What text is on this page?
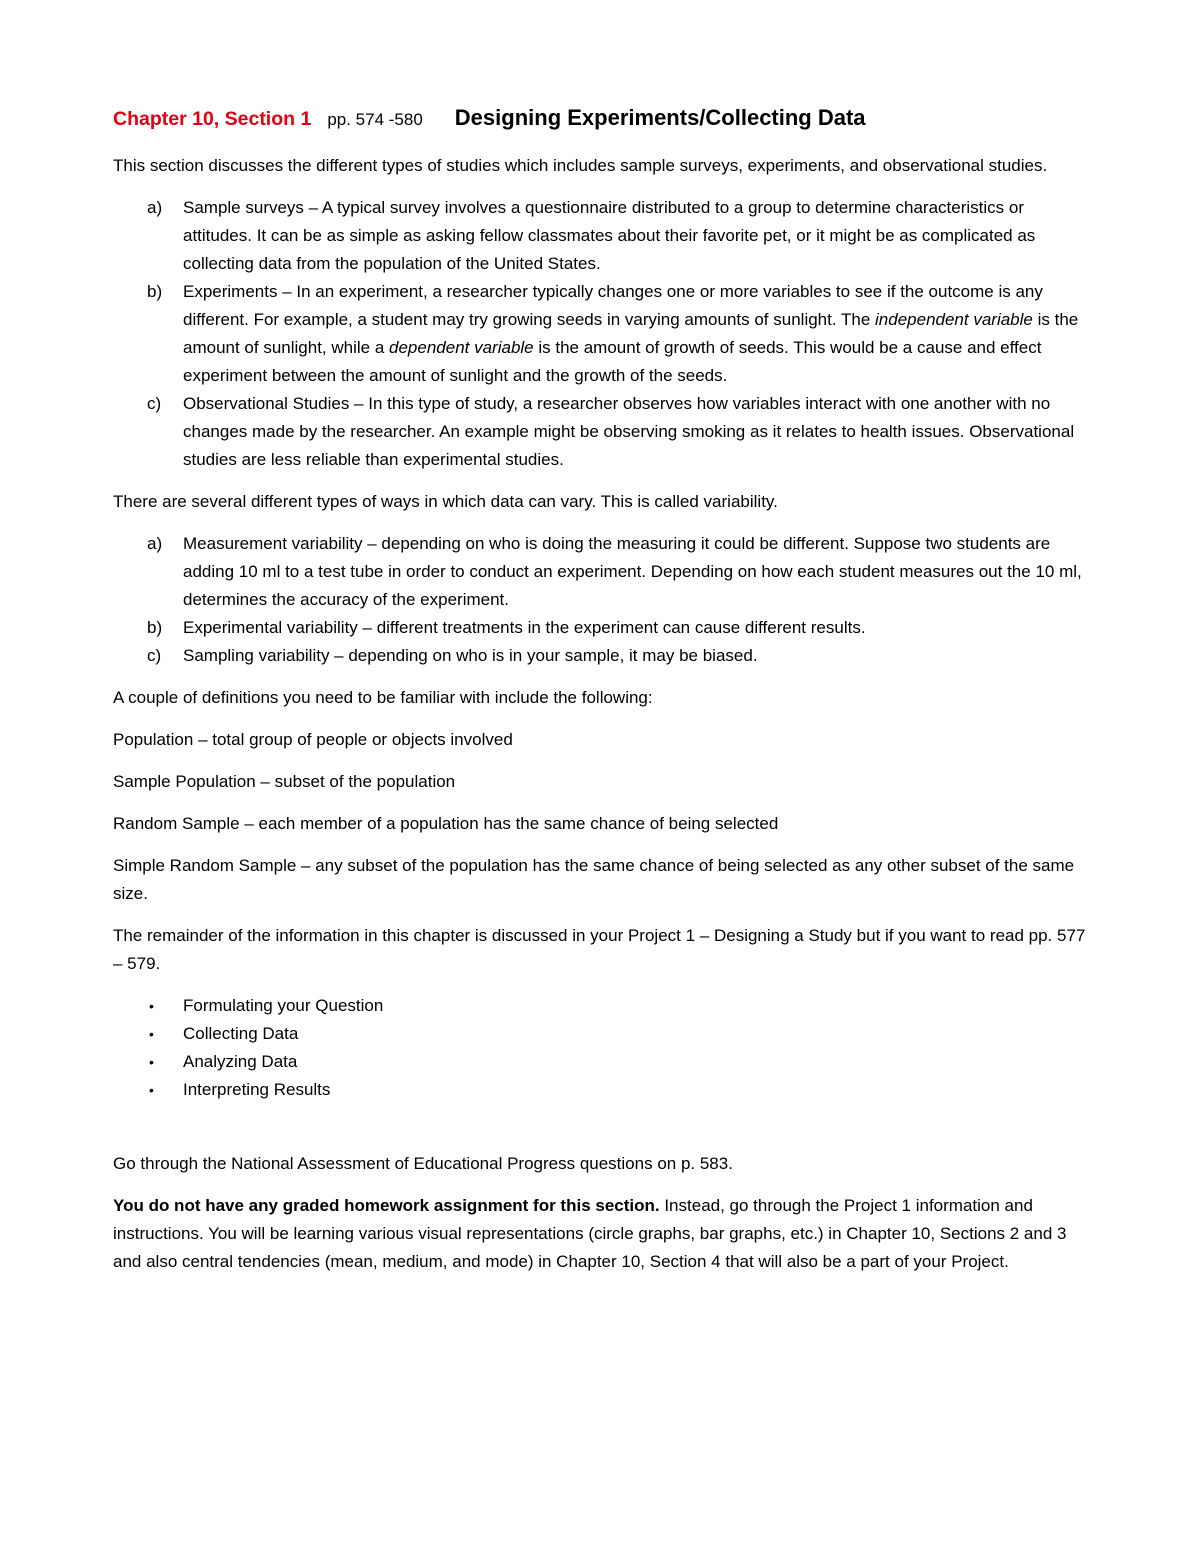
Chapter 10, Section 1 pp. 574 -580 Designing Experiments/Collecting Data

This section discusses the different types of studies which includes sample surveys, experiments, and observational studies.

a) Sample surveys – A typical survey involves a questionnaire distributed to a group to determine characteristics or attitudes. It can be as simple as asking fellow classmates about their favorite pet, or it might be as complicated as collecting data from the population of the United States.
b) Experiments – In an experiment, a researcher typically changes one or more variables to see if the outcome is any different. For example, a student may try growing seeds in varying amounts of sunlight. The independent variable is the amount of sunlight, while a dependent variable is the amount of growth of seeds. This would be a cause and effect experiment between the amount of sunlight and the growth of the seeds.
c) Observational Studies – In this type of study, a researcher observes how variables interact with one another with no changes made by the researcher. An example might be observing smoking as it relates to health issues. Observational studies are less reliable than experimental studies.

There are several different types of ways in which data can vary. This is called variability.

a) Measurement variability – depending on who is doing the measuring it could be different. Suppose two students are adding 10 ml to a test tube in order to conduct an experiment. Depending on how each student measures out the 10 ml, determines the accuracy of the experiment.
b) Experimental variability – different treatments in the experiment can cause different results.
c) Sampling variability – depending on who is in your sample, it may be biased.

A couple of definitions you need to be familiar with include the following:

Population – total group of people or objects involved

Sample Population – subset of the population

Random Sample – each member of a population has the same chance of being selected

Simple Random Sample – any subset of the population has the same chance of being selected as any other subset of the same size.

The remainder of the information in this chapter is discussed in your Project 1 – Designing a Study but if you want to read pp. 577 – 579.

• Formulating your Question
• Collecting Data
• Analyzing Data
• Interpreting Results

Go through the National Assessment of Educational Progress questions on p. 583.

You do not have any graded homework assignment for this section. Instead, go through the Project 1 information and instructions. You will be learning various visual representations (circle graphs, bar graphs, etc.) in Chapter 10, Sections 2 and 3 and also central tendencies (mean, medium, and mode) in Chapter 10, Section 4 that will also be a part of your Project.
